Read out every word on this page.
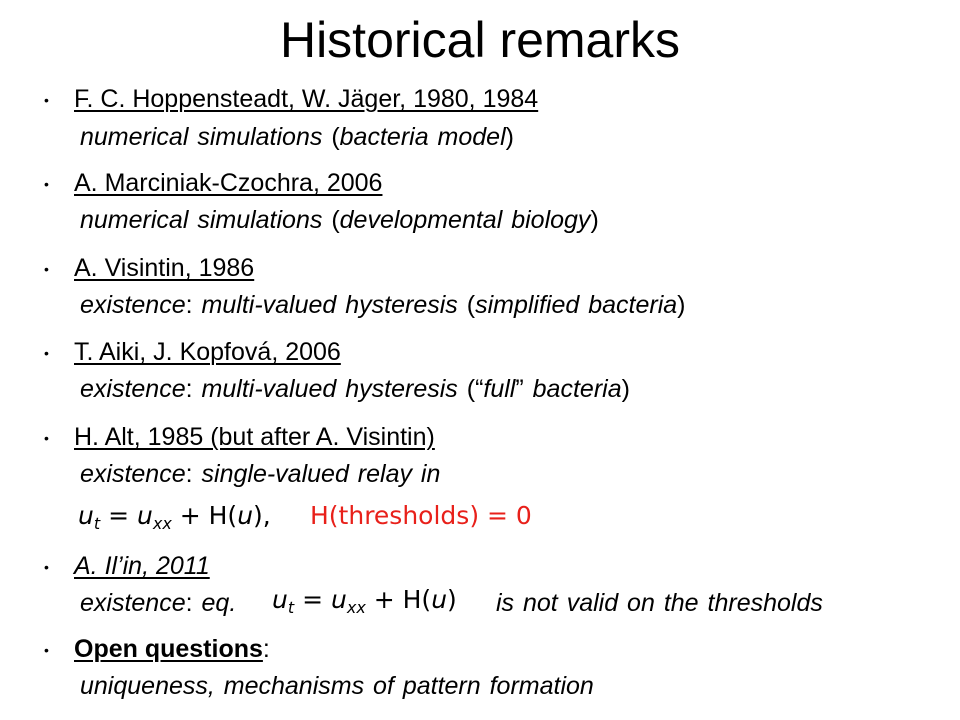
Historical remarks
• F. C. Hoppensteadt, W. Jäger, 1980, 1984
numerical simulations (bacteria model)
• A. Marciniak-Czochra, 2006
numerical simulations (developmental biology)
• A. Visintin, 1986
existence: multi-valued hysteresis (simplified bacteria)
• T. Aiki, J. Kopfová, 2006
existence: multi-valued hysteresis (“full” bacteria)
• H. Alt, 1985 (but after A. Visintin)
existence: single-valued relay in
$u_t = u_{xx} + H(u)$, H(thresholds) = 0
• A. Il’in, 2011
existence: eq. $u_t = u_{xx} + H(u)$ is not valid on the thresholds
• Open questions:
uniqueness, mechanisms of pattern formation
